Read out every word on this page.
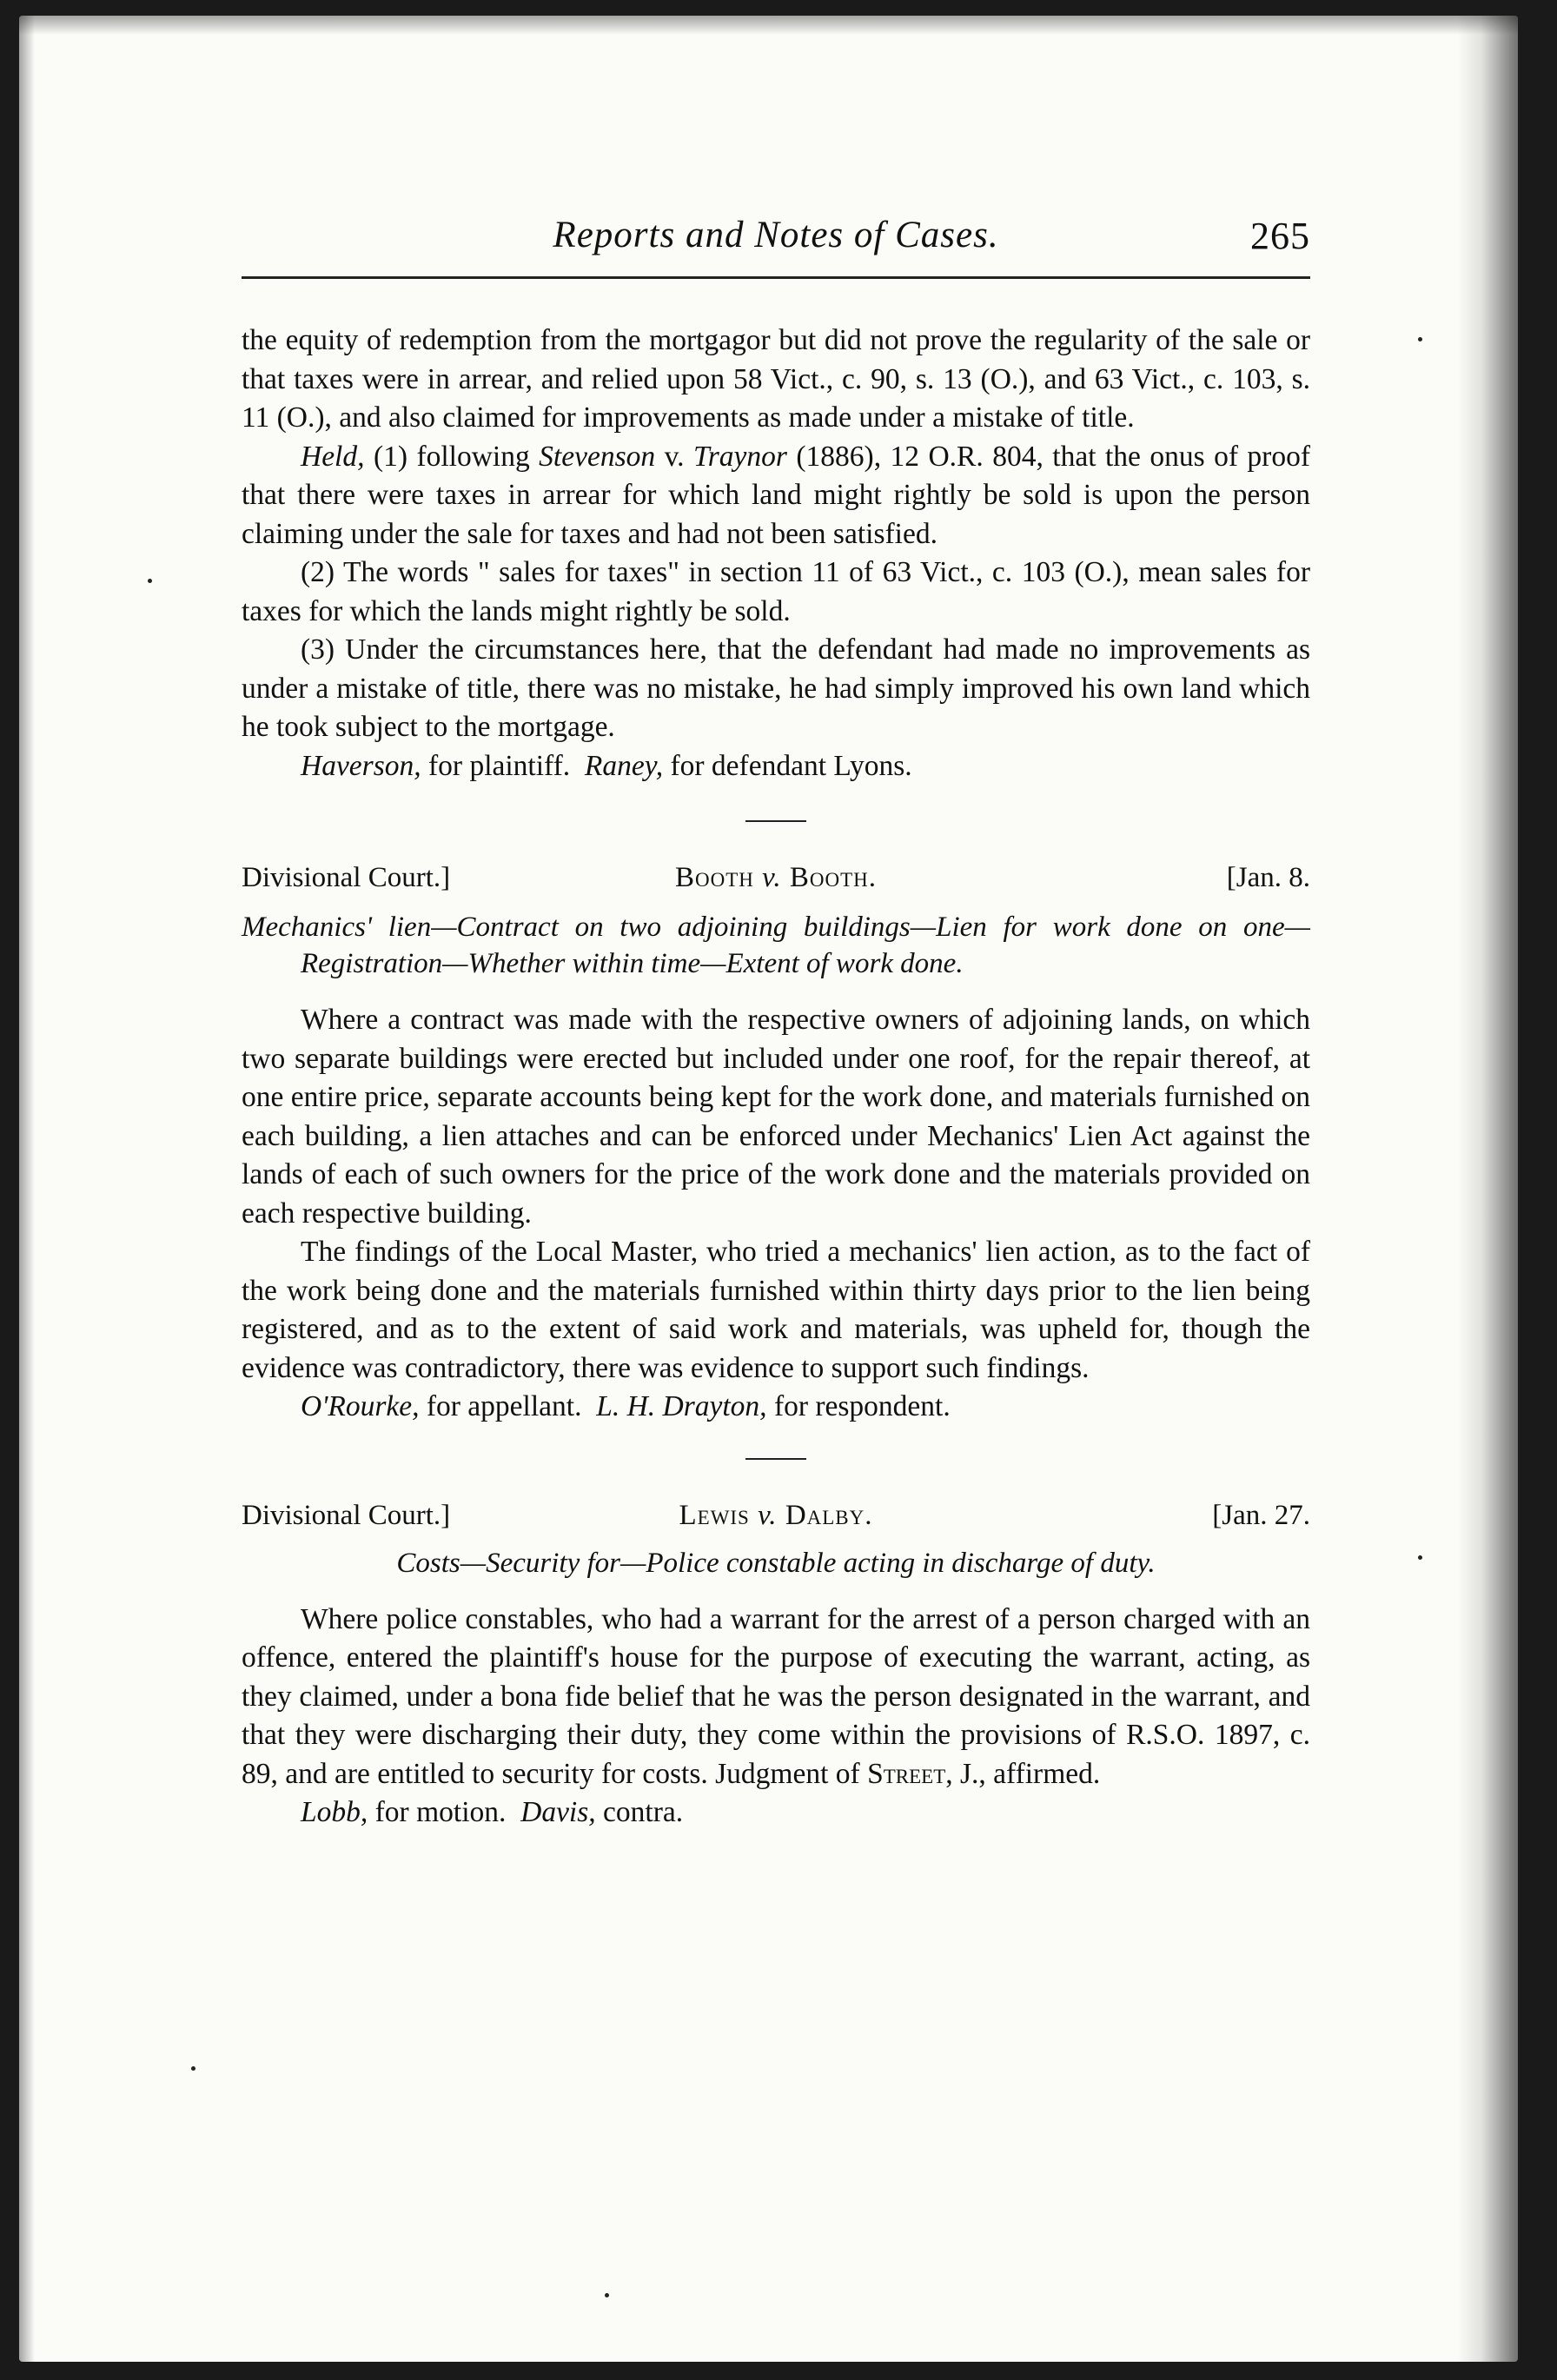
Reports and Notes of Cases.	265

the equity of redemption from the mortgagor but did not prove the regularity of the sale or that taxes were in arrear, and relied upon 58 Vict., c. 90, s. 13 (O.), and 63 Vict., c. 103, s. 11 (O.), and also claimed for improvements as made under a mistake of title.

Held, (1) following Stevenson v. Traynor (1886), 12 O.R. 804, that the onus of proof that there were taxes in arrear for which land might rightly be sold is upon the person claiming under the sale for taxes and had not been satisfied.

(2) The words " sales for taxes" in section 11 of 63 Vict., c. 103 (O.), mean sales for taxes for which the lands might rightly be sold.

(3) Under the circumstances here, that the defendant had made no improvements as under a mistake of title, there was no mistake, he had simply improved his own land which he took subject to the mortgage.

Haverson, for plaintiff. Raney, for defendant Lyons.

Divisional Court.]	Booth v. Booth.	[Jan. 8.
Mechanics' lien—Contract on two adjoining buildings—Lien for work done on one—Registration—Whether within time—Extent of work done.

Where a contract was made with the respective owners of adjoining lands, on which two separate buildings were erected but included under one roof, for the repair thereof, at one entire price, separate accounts being kept for the work done, and materials furnished on each building, a lien attaches and can be enforced under Mechanics' Lien Act against the lands of each of such owners for the price of the work done and the materials provided on each respective building.

The findings of the Local Master, who tried a mechanics' lien action, as to the fact of the work being done and the materials furnished within thirty days prior to the lien being registered, and as to the extent of said work and materials, was upheld for, though the evidence was contradictory, there was evidence to support such findings.

O'Rourke, for appellant. L. H. Drayton, for respondent.

Divisional Court.]	Lewis v. Dalby.	[Jan. 27.
Costs—Security for—Police constable acting in discharge of duty.

Where police constables, who had a warrant for the arrest of a person charged with an offence, entered the plaintiff's house for the purpose of executing the warrant, acting, as they claimed, under a bona fide belief that he was the person designated in the warrant, and that they were discharging their duty, they come within the provisions of R.S.O. 1897, c. 89, and are entitled to security for costs. Judgment of Street, J., affirmed.

Lobb, for motion. Davis, contra.
